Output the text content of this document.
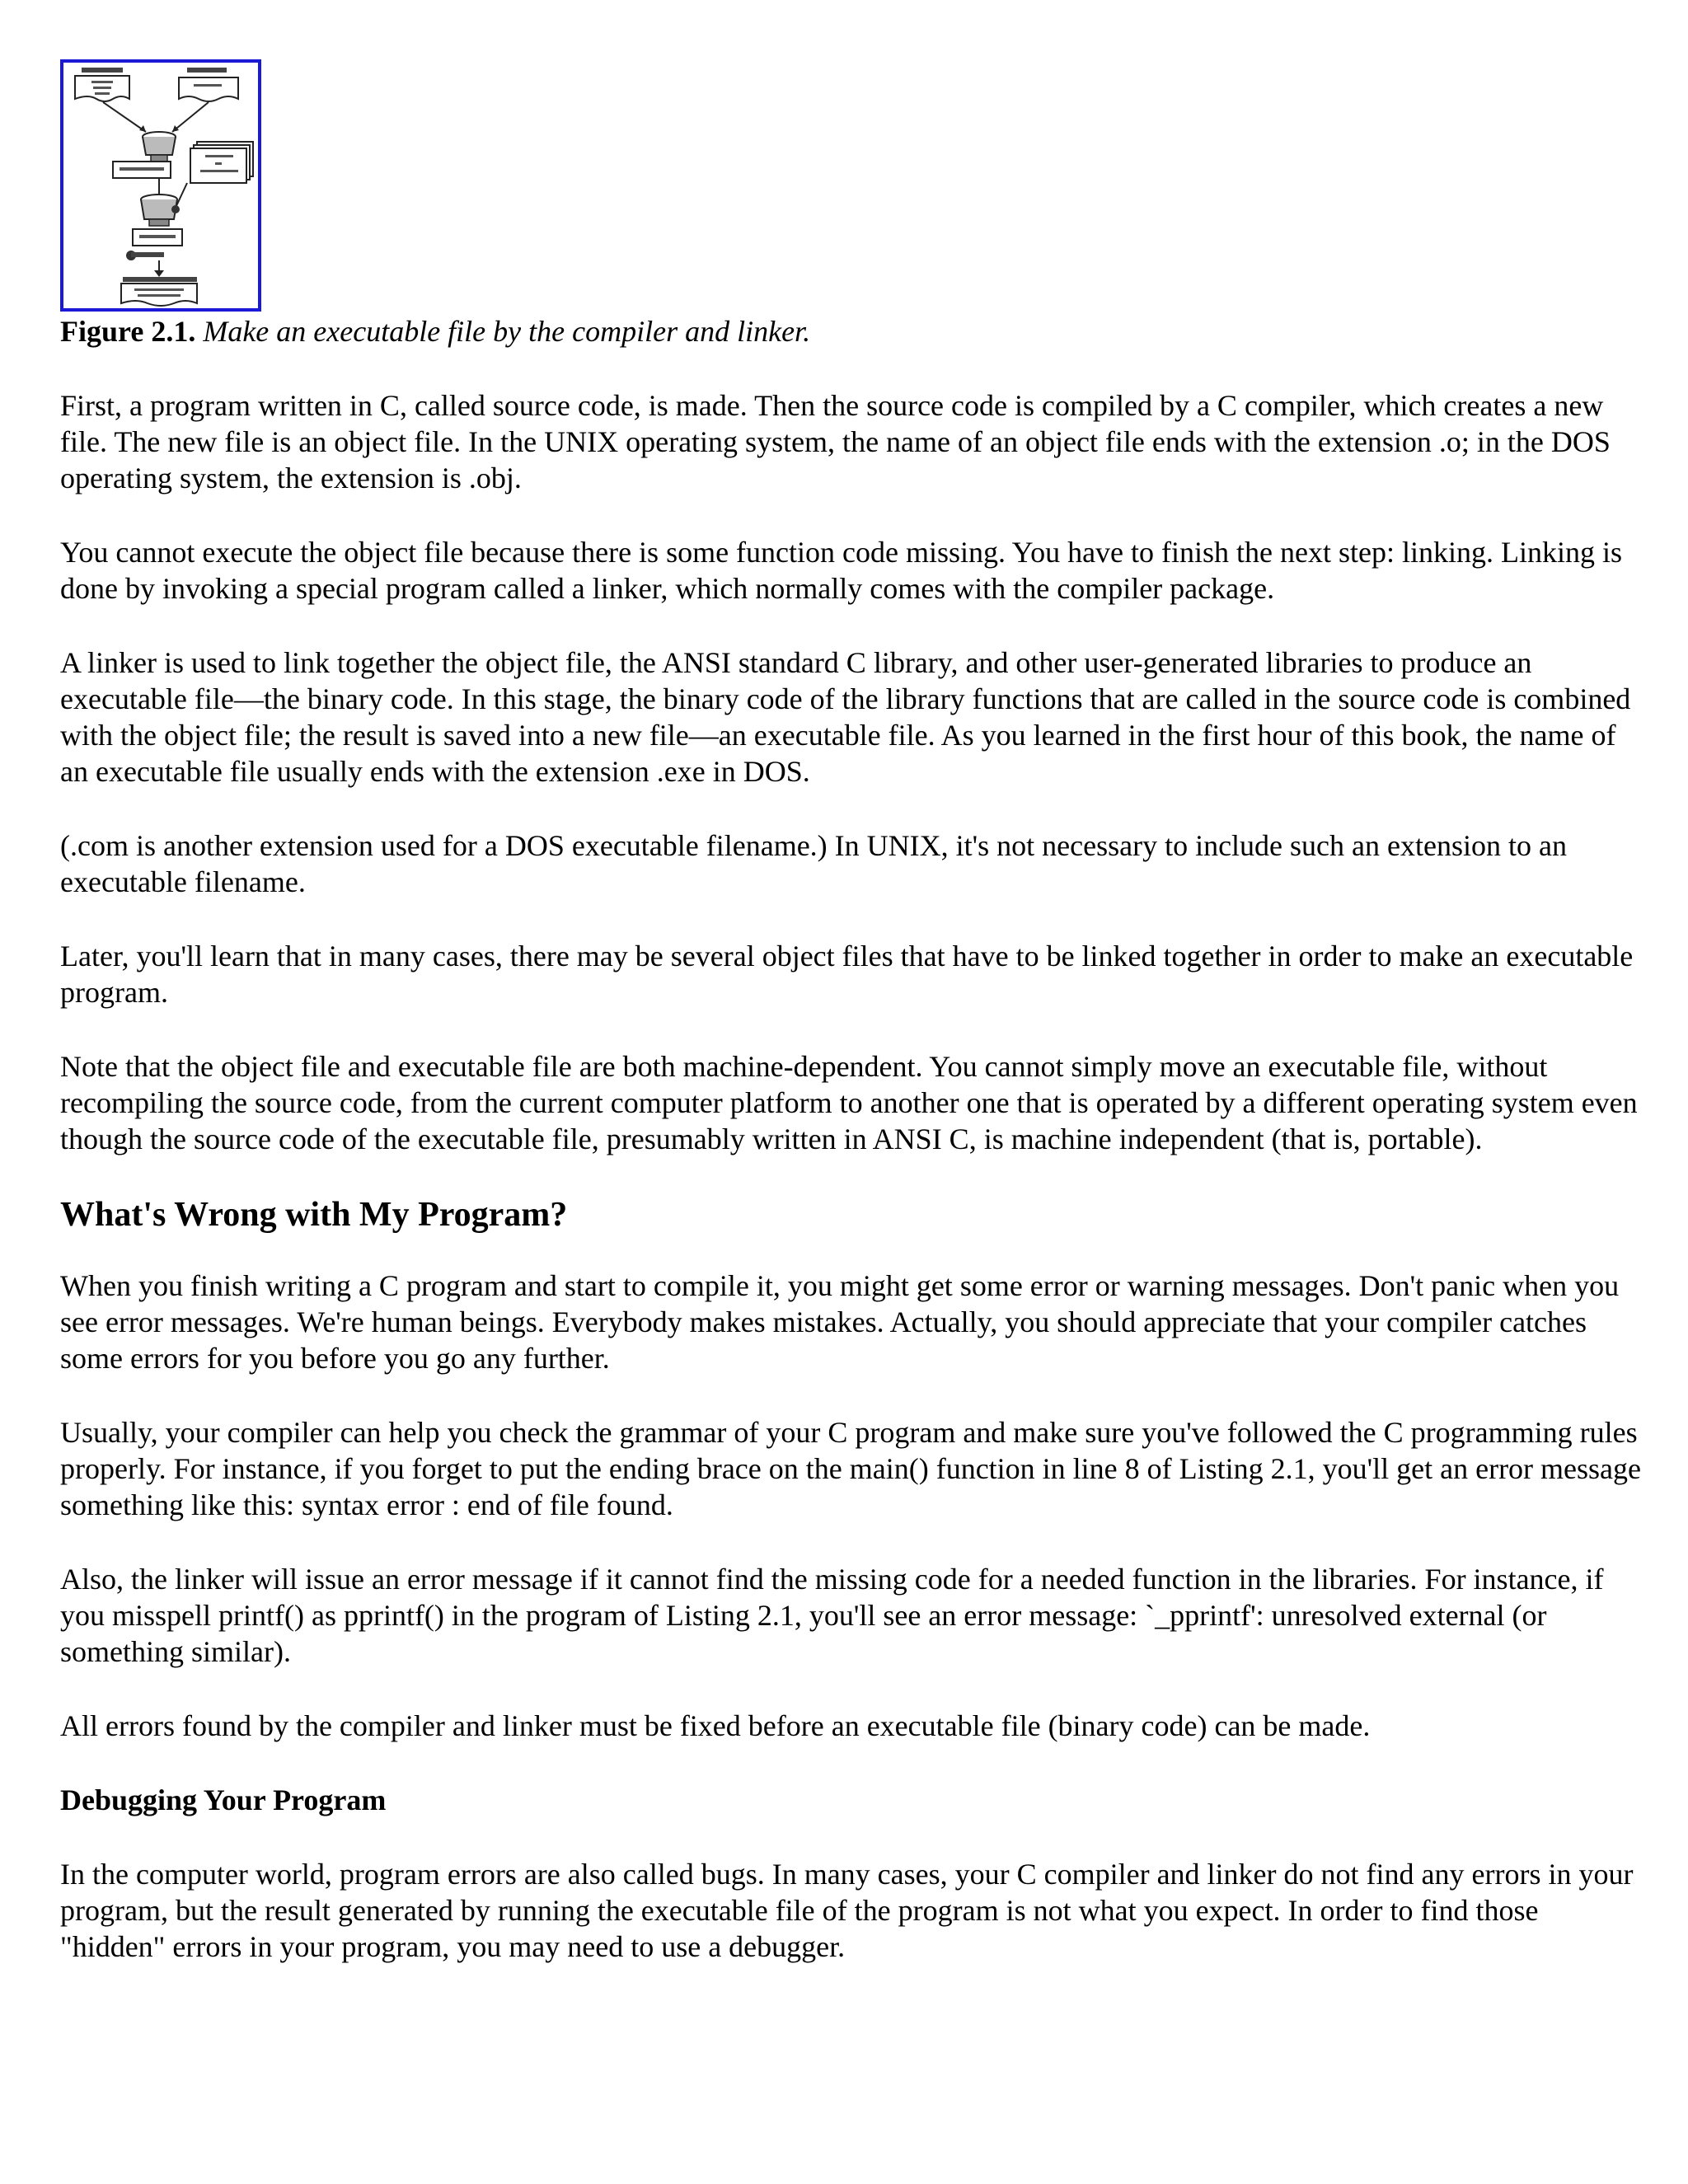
Figure 2.1. Make an executable file by the compiler and linker.

First, a program written in C, called source code, is made. Then the source code is compiled by a C compiler, which creates a new file. The new file is an object file. In the UNIX operating system, the name of an object file ends with the extension .o; in the DOS operating system, the extension is .obj.

You cannot execute the object file because there is some function code missing. You have to finish the next step: linking. Linking is done by invoking a special program called a linker, which normally comes with the compiler package.

A linker is used to link together the object file, the ANSI standard C library, and other user-generated libraries to produce an executable file—the binary code. In this stage, the binary code of the library functions that are called in the source code is combined with the object file; the result is saved into a new file—an executable file. As you learned in the first hour of this book, the name of an executable file usually ends with the extension .exe in DOS.

(.com is another extension used for a DOS executable filename.) In UNIX, it's not necessary to include such an extension to an executable filename.

Later, you'll learn that in many cases, there may be several object files that have to be linked together in order to make an executable program.

Note that the object file and executable file are both machine-dependent. You cannot simply move an executable file, without recompiling the source code, from the current computer platform to another one that is operated by a different operating system even though the source code of the executable file, presumably written in ANSI C, is machine independent (that is, portable).

What's Wrong with My Program?

When you finish writing a C program and start to compile it, you might get some error or warning messages. Don't panic when you see error messages. We're human beings. Everybody makes mistakes. Actually, you should appreciate that your compiler catches some errors for you before you go any further.

Usually, your compiler can help you check the grammar of your C program and make sure you've followed the C programming rules properly. For instance, if you forget to put the ending brace on the main() function in line 8 of Listing 2.1, you'll get an error message something like this: syntax error : end of file found.

Also, the linker will issue an error message if it cannot find the missing code for a needed function in the libraries. For instance, if you misspell printf() as pprintf() in the program of Listing 2.1, you'll see an error message: `_pprintf': unresolved external (or something similar).

All errors found by the compiler and linker must be fixed before an executable file (binary code) can be made.

Debugging Your Program

In the computer world, program errors are also called bugs. In many cases, your C compiler and linker do not find any errors in your program, but the result generated by running the executable file of the program is not what you expect. In order to find those "hidden" errors in your program, you may need to use a debugger.
